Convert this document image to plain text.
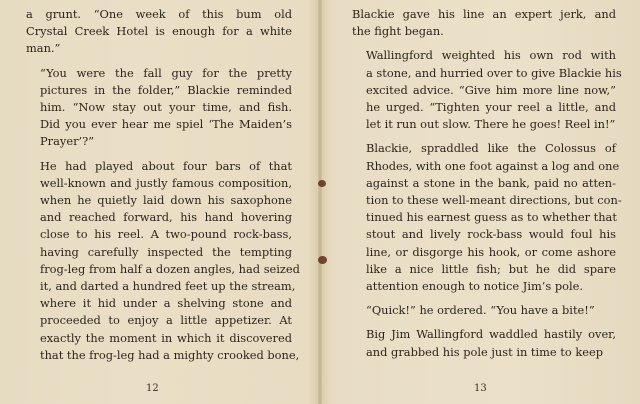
a grunt. “One week of this bum old
Crystal Creek Hotel is enough for a white
man.”
“You were the fall guy for the pretty
pictures in the folder,” Blackie reminded
him. “Now stay out your time, and fish.
Did you ever hear me spiel ‘The Maiden’s
Prayer’?”
He had played about four bars of that
well-known and justly famous composition,
when he quietly laid down his saxophone
and reached forward, his hand hovering
close to his reel. A two-pound rock-bass,
having carefully inspected the tempting
frog-leg from half a dozen angles, had seized
it, and darted a hundred feet up the stream,
where it hid under a shelving stone and
proceeded to enjoy a little appetizer. At
exactly the moment in which it discovered
that the frog-leg had a mighty crooked bone,
12
Blackie gave his line an expert jerk, and
the fight began.
Wallingford weighted his own rod with
a stone, and hurried over to give Blackie his
excited advice. “Give him more line now,”
he urged. “Tighten your reel a little, and
let it run out slow. There he goes! Reel in!”
Blackie, spraddled like the Colossus of
Rhodes, with one foot against a log and one
against a stone in the bank, paid no atten-
tion to these well-meant directions, but con-
tinued his earnest guess as to whether that
stout and lively rock-bass would foul his
line, or disgorge his hook, or come ashore
like a nice little fish; but he did spare
attention enough to notice Jim’s pole.
“Quick!” he ordered. “You have a bite!”
Big Jim Wallingford waddled hastily over,
and grabbed his pole just in time to keep
13
